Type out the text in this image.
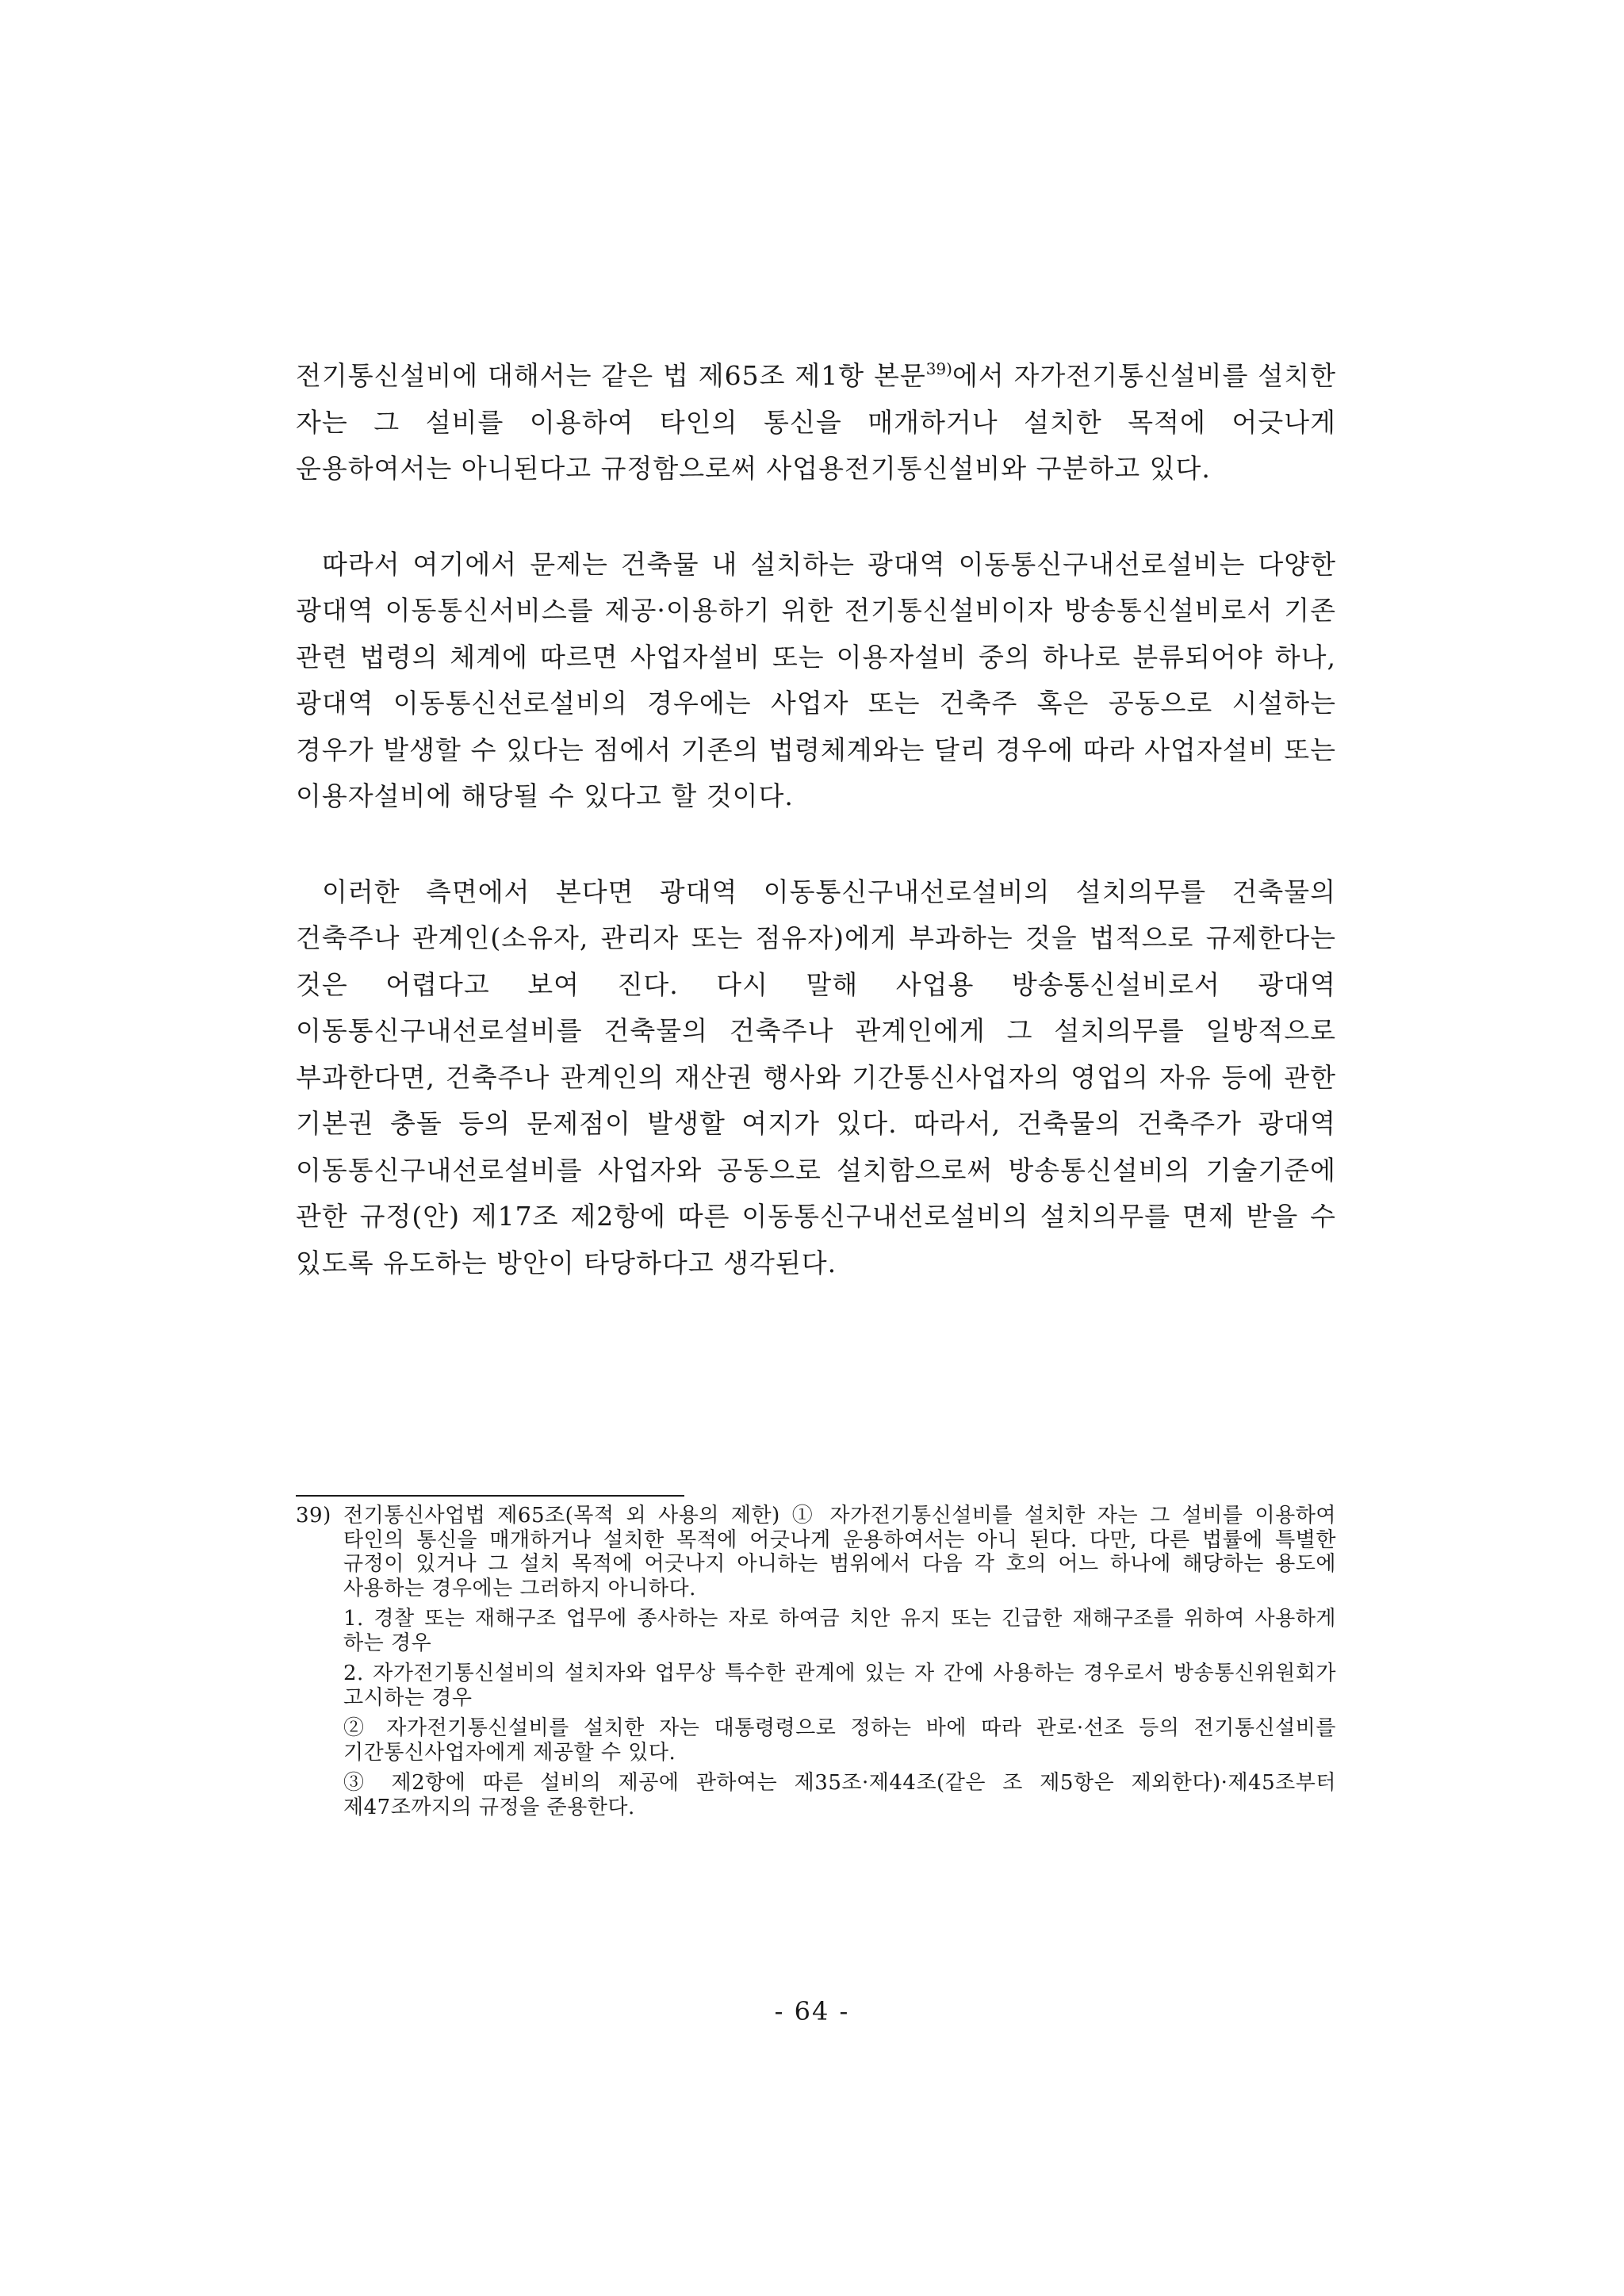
전기통신설비에 대해서는 같은 법 제65조 제1항 본문$^{39)}$에서 자가전기통신설비를 설치한 자는 그 설비를 이용하여 타인의 통신을 매개하거나 설치한 목적에 어긋나게 운용하여서는 아니된다고 규정함으로써 사업용전기통신설비와 구분하고 있다.

따라서 여기에서 문제는 건축물 내 설치하는 광대역 이동통신구내선로설비는 다양한 광대역 이동통신서비스를 제공·이용하기 위한 전기통신설비이자 방송통신설비로서 기존 관련 법령의 체계에 따르면 사업자설비 또는 이용자설비 중의 하나로 분류되어야 하나, 광대역 이동통신선로설비의 경우에는 사업자 또는 건축주 혹은 공동으로 시설하는 경우가 발생할 수 있다는 점에서 기존의 법령체계와는 달리 경우에 따라 사업자설비 또는 이용자설비에 해당될 수 있다고 할 것이다.

이러한 측면에서 본다면 광대역 이동통신구내선로설비의 설치의무를 건축물의 건축주나 관계인(소유자, 관리자 또는 점유자)에게 부과하는 것을 법적으로 규제한다는 것은 어렵다고 보여 진다. 다시 말해 사업용 방송통신설비로서 광대역 이동통신구내선로설비를 건축물의 건축주나 관계인에게 그 설치의무를 일방적으로 부과한다면, 건축주나 관계인의 재산권 행사와 기간통신사업자의 영업의 자유 등에 관한 기본권 충돌 등의 문제점이 발생할 여지가 있다. 따라서, 건축물의 건축주가 광대역 이동통신구내선로설비를 사업자와 공동으로 설치함으로써 방송통신설비의 기술기준에 관한 규정(안) 제17조 제2항에 따른 이동통신구내선로설비의 설치의무를 면제 받을 수 있도록 유도하는 방안이 타당하다고 생각된다.

39) 전기통신사업법 제65조(목적 외 사용의 제한) ① 자가전기통신설비를 설치한 자는 그 설비를 이용하여 타인의 통신을 매개하거나 설치한 목적에 어긋나게 운용하여서는 아니 된다. 다만, 다른 법률에 특별한 규정이 있거나 그 설치 목적에 어긋나지 아니하는 범위에서 다음 각 호의 어느 하나에 해당하는 용도에 사용하는 경우에는 그러하지 아니하다.
1. 경찰 또는 재해구조 업무에 종사하는 자로 하여금 치안 유지 또는 긴급한 재해구조를 위하여 사용하게 하는 경우
2. 자가전기통신설비의 설치자와 업무상 특수한 관계에 있는 자 간에 사용하는 경우로서 방송통신위원회가 고시하는 경우
② 자가전기통신설비를 설치한 자는 대통령령으로 정하는 바에 따라 관로·선조 등의 전기통신설비를 기간통신사업자에게 제공할 수 있다.
③ 제2항에 따른 설비의 제공에 관하여는 제35조·제44조(같은 조 제5항은 제외한다)·제45조부터 제47조까지의 규정을 준용한다.
- 64 -
